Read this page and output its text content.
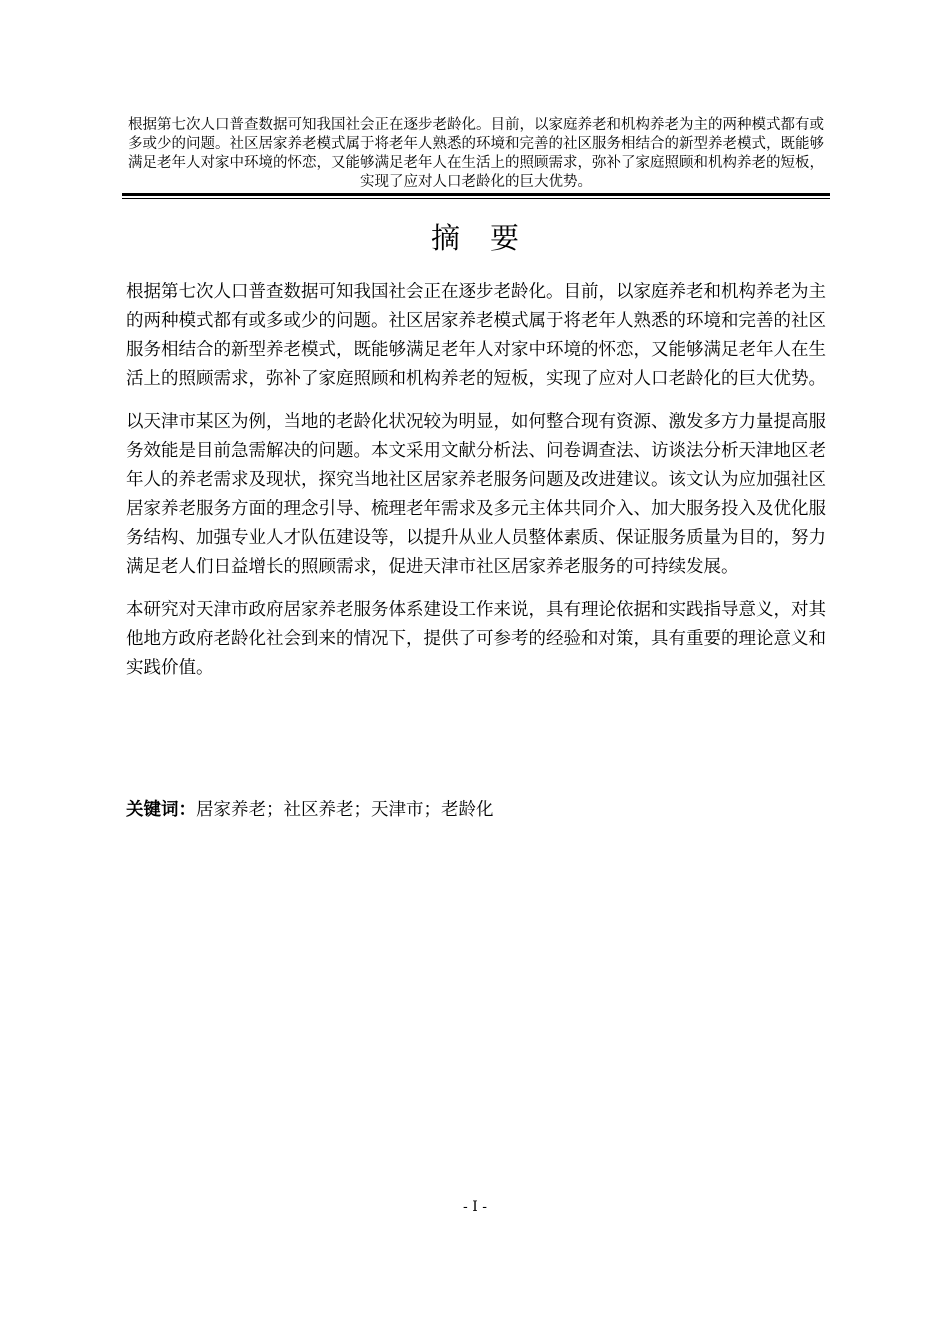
根据第七次人口普查数据可知我国社会正在逐步老龄化。目前，以家庭养老和机构养老为主的两种模式都有或多或少的问题。社区居家养老模式属于将老年人熟悉的环境和完善的社区服务相结合的新型养老模式，既能够满足老年人对家中环境的怀恋，又能够满足老年人在生活上的照顾需求，弥补了家庭照顾和机构养老的短板，实现了应对人口老龄化的巨大优势。
摘要

根据第七次人口普查数据可知我国社会正在逐步老龄化。目前，以家庭养老和机构养老为主的两种模式都有或多或少的问题。社区居家养老模式属于将老年人熟悉的环境和完善的社区服务相结合的新型养老模式，既能够满足老年人对家中环境的怀恋，又能够满足老年人在生活上的照顾需求，弥补了家庭照顾和机构养老的短板，实现了应对人口老龄化的巨大优势。

以天津市某区为例，当地的老龄化状况较为明显，如何整合现有资源、激发多方力量提高服务效能是目前急需解决的问题。本文采用文献分析法、问卷调查法、访谈法分析天津地区老年人的养老需求及现状，探究当地社区居家养老服务问题及改进建议。该文认为应加强社区居家养老服务方面的理念引导、梳理老年需求及多元主体共同介入、加大服务投入及优化服务结构、加强专业人才队伍建设等，以提升从业人员整体素质、保证服务质量为目的，努力满足老人们日益增长的照顾需求，促进天津市社区居家养老服务的可持续发展。

本研究对天津市政府居家养老服务体系建设工作来说，具有理论依据和实践指导意义，对其他地方政府老龄化社会到来的情况下，提供了可参考的经验和对策，具有重要的理论意义和实践价值。

关键词：居家养老；社区养老；天津市；老龄化
- I -
